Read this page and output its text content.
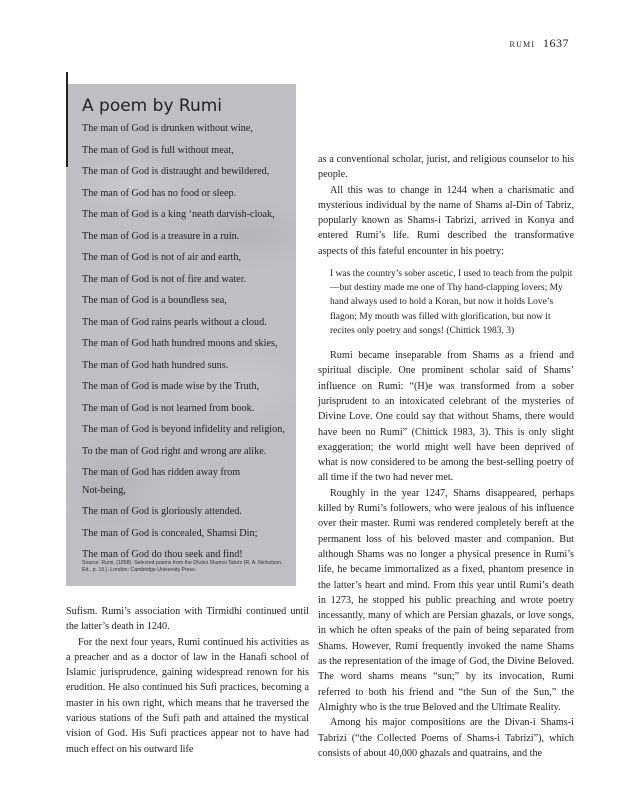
rumi 1637
A poem by Rumi
The man of God is drunken without wine,
The man of God is full without meat,
The man of God is distraught and bewildered,
The man of God has no food or sleep.
The man of God is a king ‘neath darvish-cloak,
The man of God is a treasure in a ruin.
The man of God is not of air and earth,
The man of God is not of fire and water.
The man of God is a boundless sea,
The man of God rains pearls without a cloud.
The man of God hath hundred moons and skies,
The man of God hath hundred suns.
The man of God is made wise by the Truth,
The man of God is not learned from book.
The man of God is beyond infidelity and religion,
To the man of God right and wrong are alike.
The man of God has ridden away from
Not-being,
The man of God is gloriously attended.
The man of God is concealed, Shamsi Din;
The man of God do thou seek and find!
Source: Rumi. (1898). Selected poems from the Dīvāni Shamsi Tabrīz (R. A. Nicholson, Ed., p. 15.). London: Cambridge University Press.

Sufism. Rumi’s association with Tirmidhi continued until the latter’s death in 1240.

For the next four years, Rumi continued his activities as a preacher and as a doctor of law in the Hanafi school of Islamic jurisprudence, gaining widespread renown for his erudition. He also continued his Sufi practices, becoming a master in his own right, which means that he traversed the various stations of the Sufi path and attained the mystical vision of God. His Sufi practices appear not to have had much effect on his outward life

as a conventional scholar, jurist, and religious counselor to his people.

All this was to change in 1244 when a charismatic and mysterious individual by the name of Shams al-Din of Tabriz, popularly known as Shams-i Tabrizi, arrived in Konya and entered Rumi’s life. Rumi described the transformative aspects of this fateful encounter in his poetry:

I was the country’s sober ascetic, I used to teach from the pulpit—but destiny made me one of Thy hand-clapping lovers; My hand always used to hold a Koran, but now it holds Love’s flagon; My mouth was filled with glorification, but now it recites only poetry and songs! (Chittick 1983, 3)

Rumi became inseparable from Shams as a friend and spiritual disciple. One prominent scholar said of Shams’ influence on Rumi: “(H)e was transformed from a sober jurisprudent to an intoxicated celebrant of the mysteries of Divine Love. One could say that without Shams, there would have been no Rumi” (Chittick 1983, 3). This is only slight exaggeration; the world might well have been deprived of what is now considered to be among the best-selling poetry of all time if the two had never met.

Roughly in the year 1247, Shams disappeared, perhaps killed by Rumi’s followers, who were jealous of his influence over their master. Rumi was rendered completely bereft at the permanent loss of his beloved master and companion. But although Shams was no longer a physical presence in Rumi’s life, he became immortalized as a fixed, phantom presence in the latter’s heart and mind. From this year until Rumi’s death in 1273, he stopped his public preaching and wrote poetry incessantly, many of which are Persian ghazals, or love songs, in which he often speaks of the pain of being separated from Shams. However, Rumi frequently invoked the name Shams as the representation of the image of God, the Divine Beloved. The word shams means “sun;” by its invocation, Rumi referred to both his friend and “the Sun of the Sun,” the Almighty who is the true Beloved and the Ultimate Reality.

Among his major compositions are the Divan-i Shams-i Tabrizi (“the Collected Poems of Shams-i Tabrizi”), which consists of about 40,000 ghazals and quatrains, and the
